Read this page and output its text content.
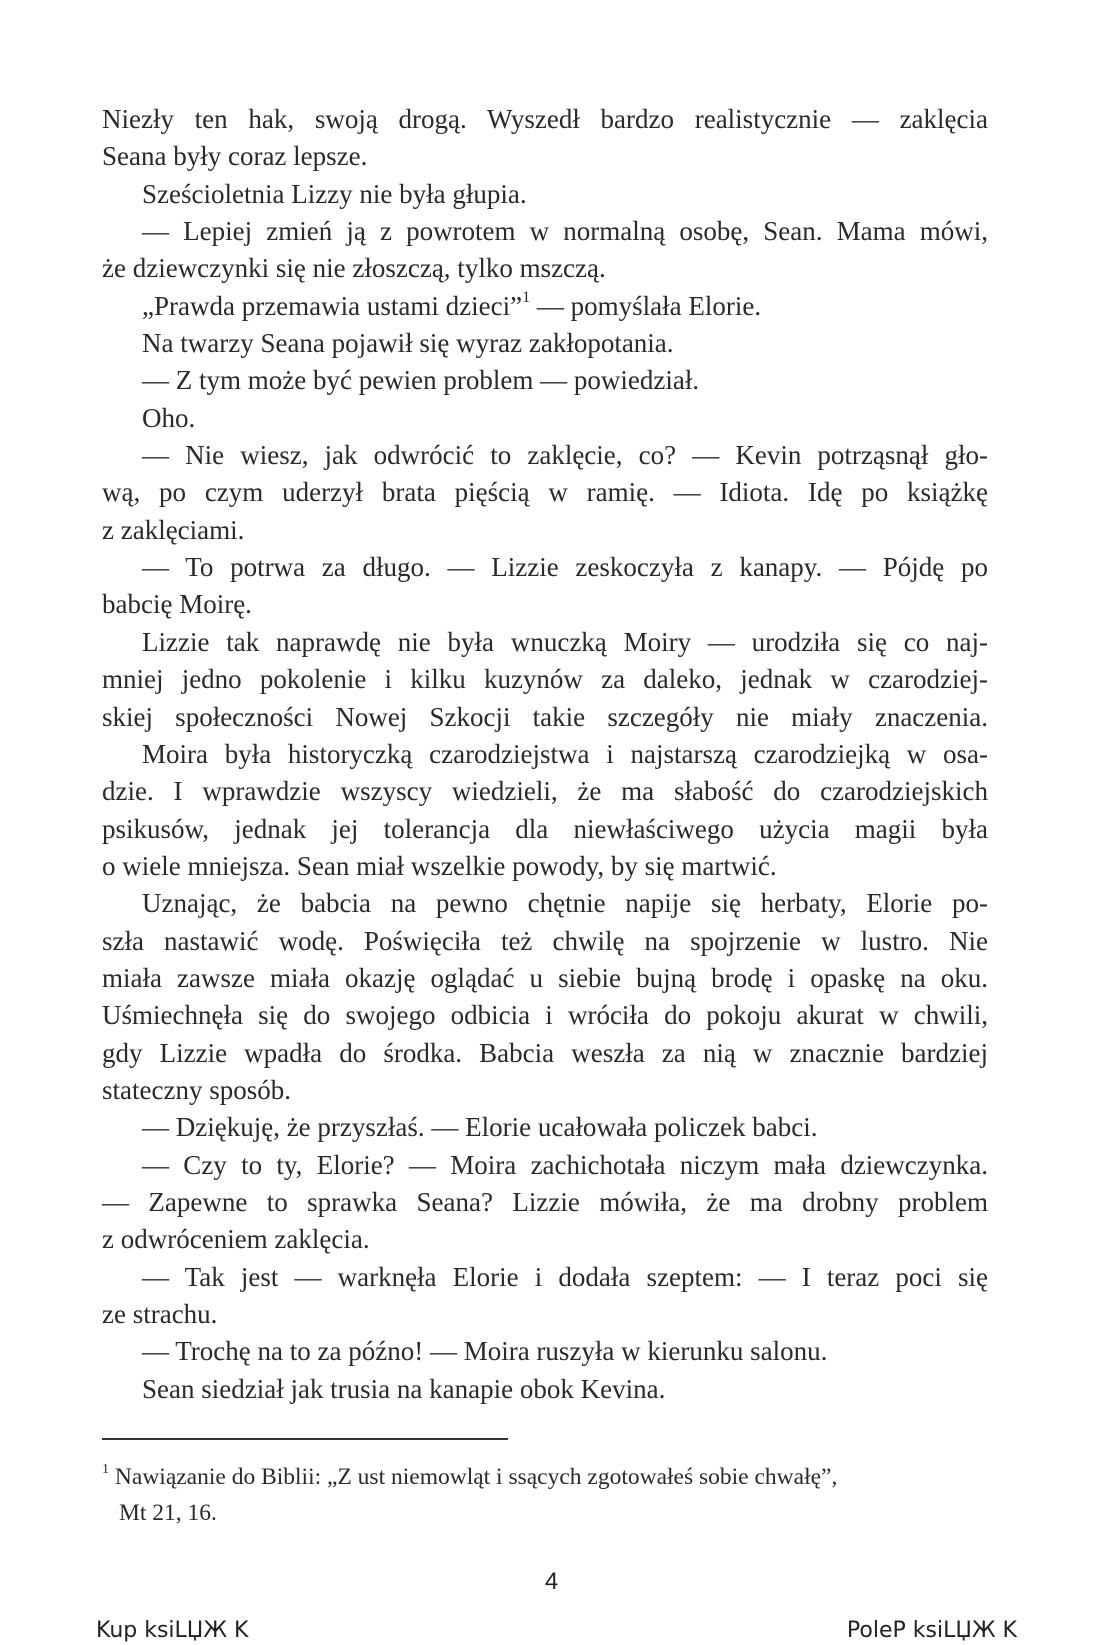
Niezły ten hak, swoją drogą. Wyszedł bardzo realistycznie — zaklęcia
Seana były coraz lepsze.
Sześcioletnia Lizzy nie była głupia.
— Lepiej zmień ją z powrotem w normalną osobę, Sean. Mama mówi,
że dziewczynki się nie złoszczą, tylko mszczą.
„Prawda przemawia ustami dzieci”$^1$ — pomyślała Elorie.
Na twarzy Seana pojawił się wyraz zakłopotania.
— Z tym może być pewien problem — powiedział.
Oho.
— Nie wiesz, jak odwrócić to zaklęcie, co? — Kevin potrząsnął gło-
wą, po czym uderzył brata pięścią w ramię. — Idiota. Idę po książkę
z zaklęciami.
— To potrwa za długo. — Lizzie zeskoczyła z kanapy. — Pójdę po
babcię Moirę.
Lizzie tak naprawdę nie była wnuczką Moiry — urodziła się co naj-
mniej jedno pokolenie i kilku kuzynów za daleko, jednak w czarodziej-
skiej społeczności Nowej Szkocji takie szczegóły nie miały znaczenia.
Moira była historyczką czarodziejstwa i najstarszą czarodziejką w osa-
dzie. I wprawdzie wszyscy wiedzieli, że ma słabość do czarodziejskich
psikusów, jednak jej tolerancja dla niewłaściwego użycia magii była
o wiele mniejsza. Sean miał wszelkie powody, by się martwić.
Uznając, że babcia na pewno chętnie napije się herbaty, Elorie po-
szła nastawić wodę. Poświęciła też chwilę na spojrzenie w lustro. Nie
miała zawsze miała okazję oglądać u siebie bujną brodę i opaskę na oku.
Uśmiechnęła się do swojego odbicia i wróciła do pokoju akurat w chwili,
gdy Lizzie wpadła do środka. Babcia weszła za nią w znacznie bardziej
stateczny sposób.
— Dziękuję, że przyszłaś. — Elorie ucałowała policzek babci.
— Czy to ty, Elorie? — Moira zachichotała niczym mała dziewczynka.
— Zapewne to sprawka Seana? Lizzie mówiła, że ma drobny problem
z odwróceniem zaklęcia.
— Tak jest — warknęła Elorie i dodała szeptem: — I teraz poci się
ze strachu.
— Trochę na to za późno! — Moira ruszyła w kierunku salonu.
Sean siedział jak trusia na kanapie obok Kevina.
$^1$ Nawiązanie do Biblii: „Z ust niemowląt i ssących zgotowałeś sobie chwałę”,
Mt 21, 16.
4
Kup ksiLЏЖ K	PoleP ksiLЏЖ K
